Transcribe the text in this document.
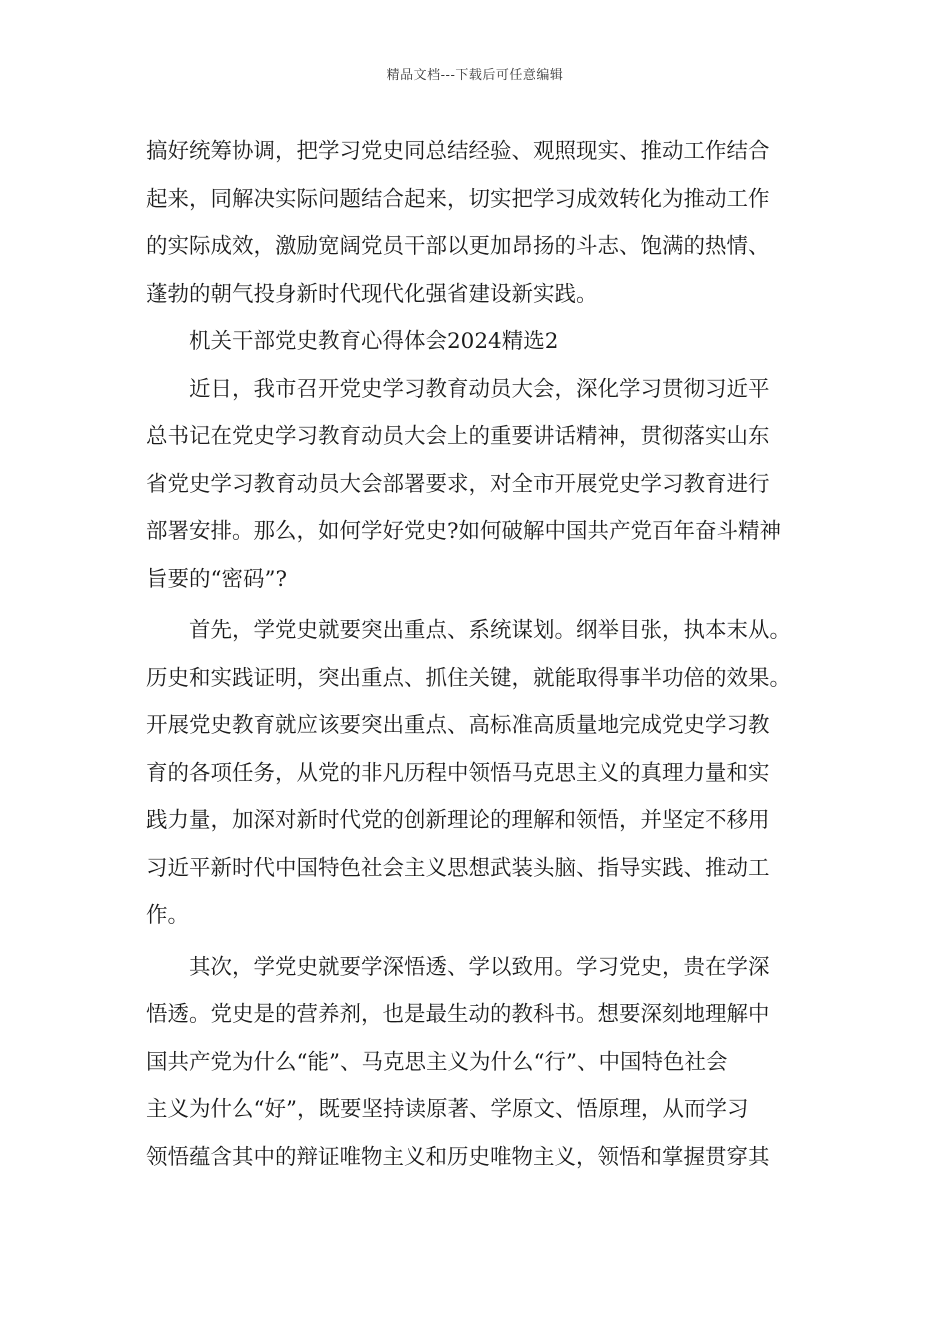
精品文档---下载后可任意编辑
搞好统筹协调，把学习党史同总结经验、观照现实、推动工作结合
起来，同解决实际问题结合起来，切实把学习成效转化为推动工作
的实际成效，激励宽阔党员干部以更加昂扬的斗志、饱满的热情、
蓬勃的朝气投身新时代现代化强省建设新实践。
机关干部党史教育心得体会2024精选2
近日，我市召开党史学习教育动员大会，深化学习贯彻习近平
总书记在党史学习教育动员大会上的重要讲话精神，贯彻落实山东
省党史学习教育动员大会部署要求，对全市开展党史学习教育进行
部署安排。那么，如何学好党史?如何破解中国共产党百年奋斗精神
旨要的“密码”?
首先，学党史就要突出重点、系统谋划。纲举目张，执本末从。
历史和实践证明，突出重点、抓住关键，就能取得事半功倍的效果。
开展党史教育就应该要突出重点、高标准高质量地完成党史学习教
育的各项任务，从党的非凡历程中领悟马克思主义的真理力量和实
践力量，加深对新时代党的创新理论的理解和领悟，并坚定不移用
习近平新时代中国特色社会主义思想武装头脑、指导实践、推动工
作。
其次，学党史就要学深悟透、学以致用。学习党史，贵在学深
悟透。党史是的营养剂，也是最生动的教科书。想要深刻地理解中
国共产党为什么“能”、马克思主义为什么“行”、中国特色社会
主义为什么“好”，既要坚持读原著、学原文、悟原理，从而学习
领悟蕴含其中的辩证唯物主义和历史唯物主义，领悟和掌握贯穿其
